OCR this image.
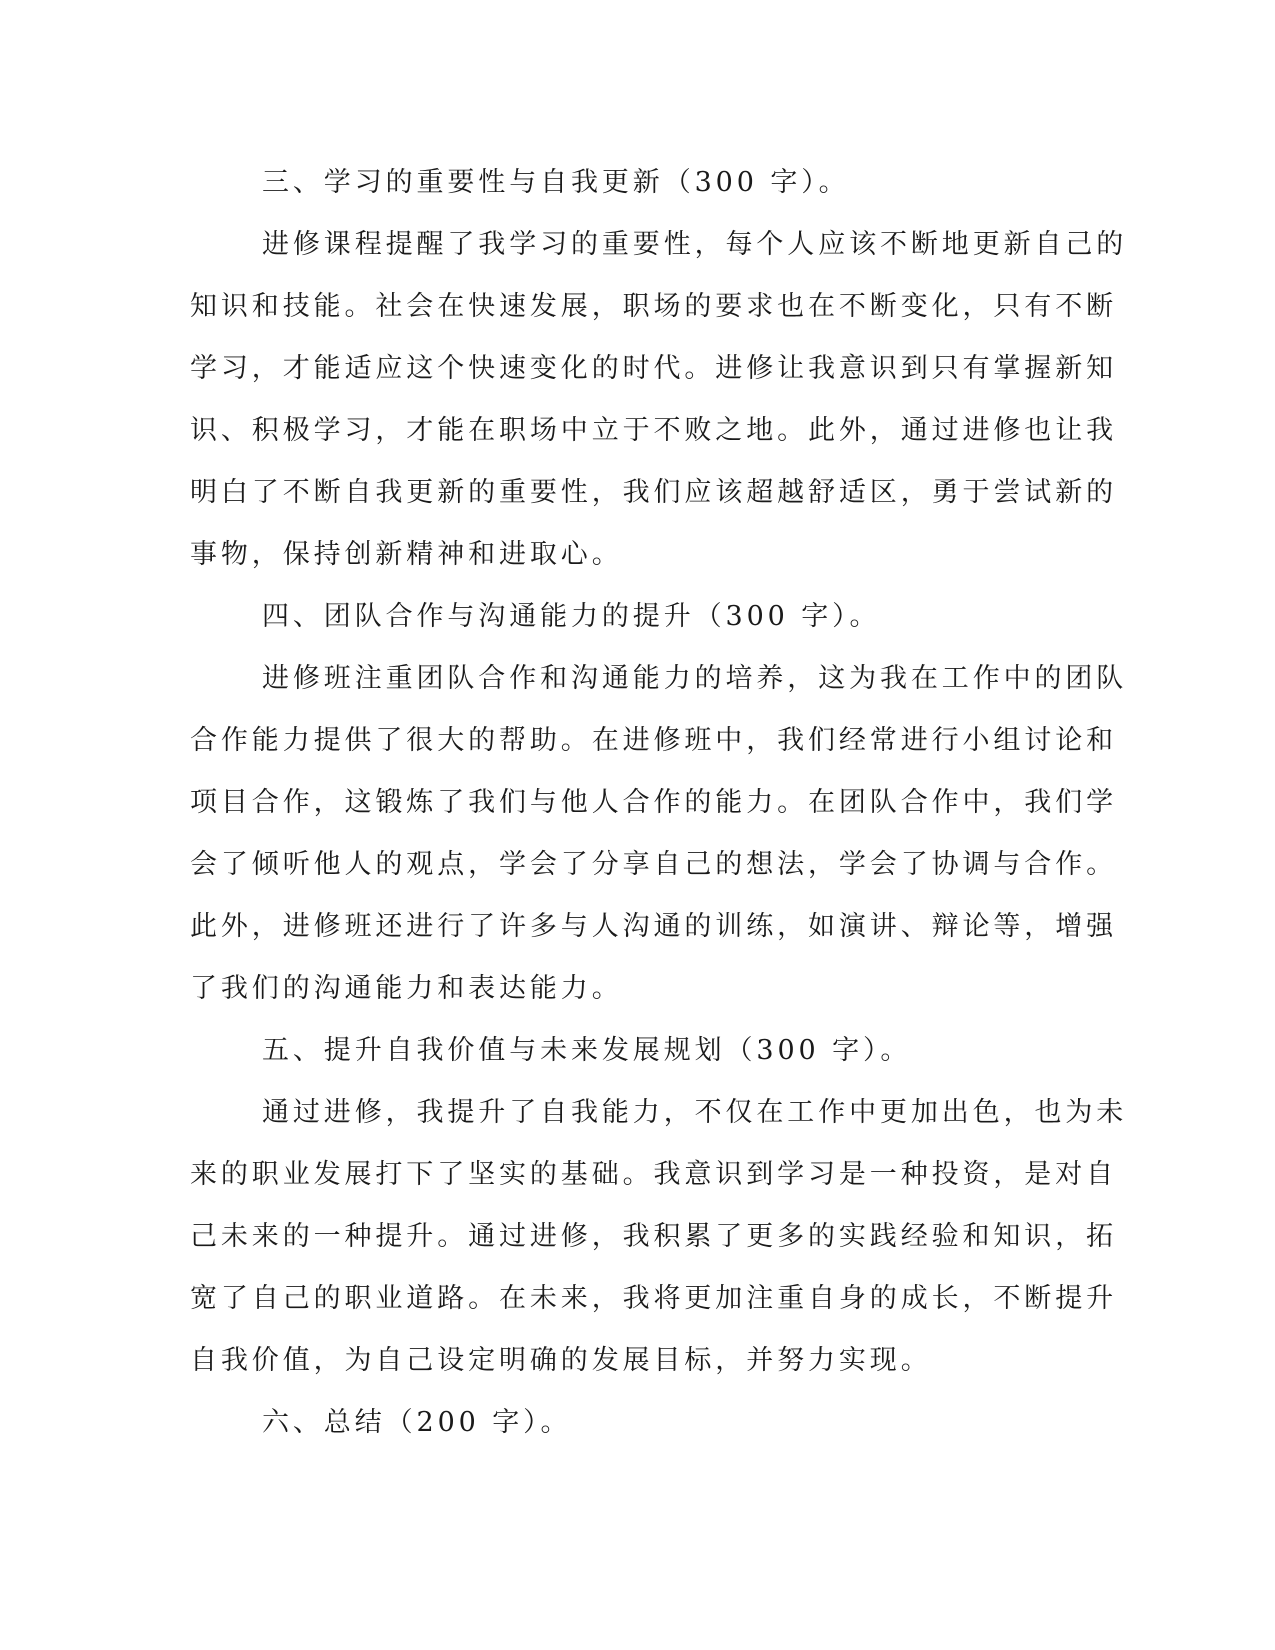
三、学习的重要性与自我更新（300 字）。
进修课程提醒了我学习的重要性，每个人应该不断地更新自己的
知识和技能。社会在快速发展，职场的要求也在不断变化，只有不断
学习，才能适应这个快速变化的时代。进修让我意识到只有掌握新知
识、积极学习，才能在职场中立于不败之地。此外，通过进修也让我
明白了不断自我更新的重要性，我们应该超越舒适区，勇于尝试新的
事物，保持创新精神和进取心。
四、团队合作与沟通能力的提升（300 字）。
进修班注重团队合作和沟通能力的培养，这为我在工作中的团队
合作能力提供了很大的帮助。在进修班中，我们经常进行小组讨论和
项目合作，这锻炼了我们与他人合作的能力。在团队合作中，我们学
会了倾听他人的观点，学会了分享自己的想法，学会了协调与合作。
此外，进修班还进行了许多与人沟通的训练，如演讲、辩论等，增强
了我们的沟通能力和表达能力。
五、提升自我价值与未来发展规划（300 字）。
通过进修，我提升了自我能力，不仅在工作中更加出色，也为未
来的职业发展打下了坚实的基础。我意识到学习是一种投资，是对自
己未来的一种提升。通过进修，我积累了更多的实践经验和知识，拓
宽了自己的职业道路。在未来，我将更加注重自身的成长，不断提升
自我价值，为自己设定明确的发展目标，并努力实现。
六、总结（200 字）。
